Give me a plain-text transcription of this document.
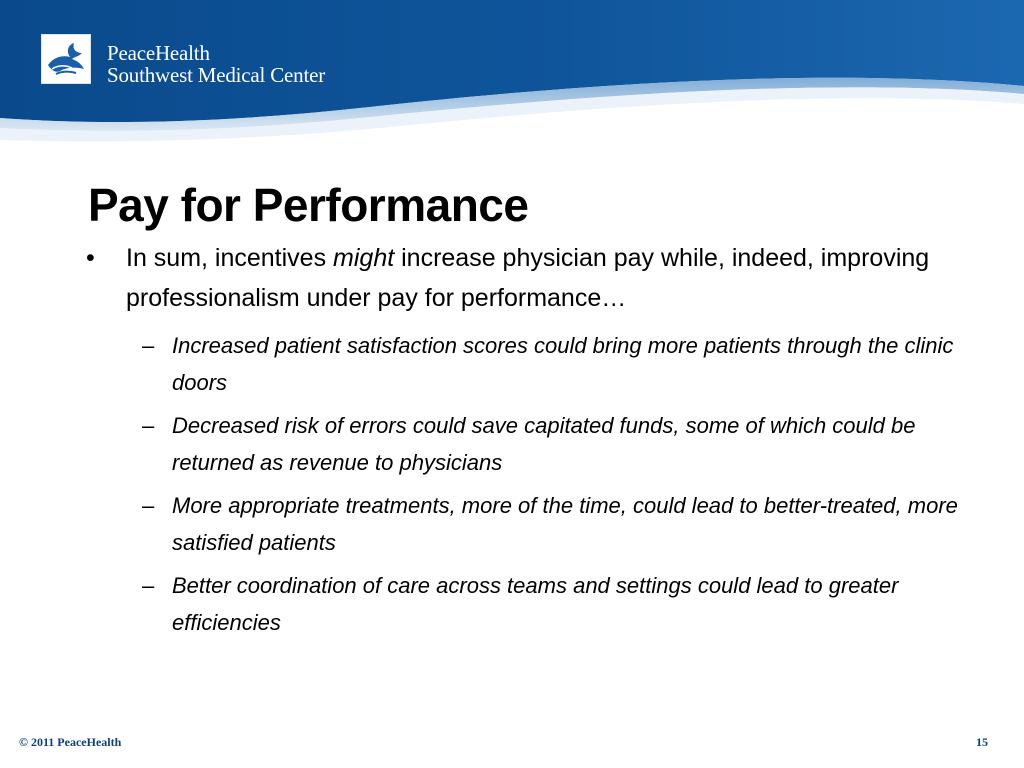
PeaceHealth
Southwest Medical Center
Pay for Performance
• In sum, incentives might increase physician pay while, indeed, improving professionalism under pay for performance…
– Increased patient satisfaction scores could bring more patients through the clinic doors
– Decreased risk of errors could save capitated funds, some of which could be returned as revenue to physicians
– More appropriate treatments, more of the time, could lead to better-treated, more satisfied patients
– Better coordination of care across teams and settings could lead to greater efficiencies
© 2011 PeaceHealth	15
